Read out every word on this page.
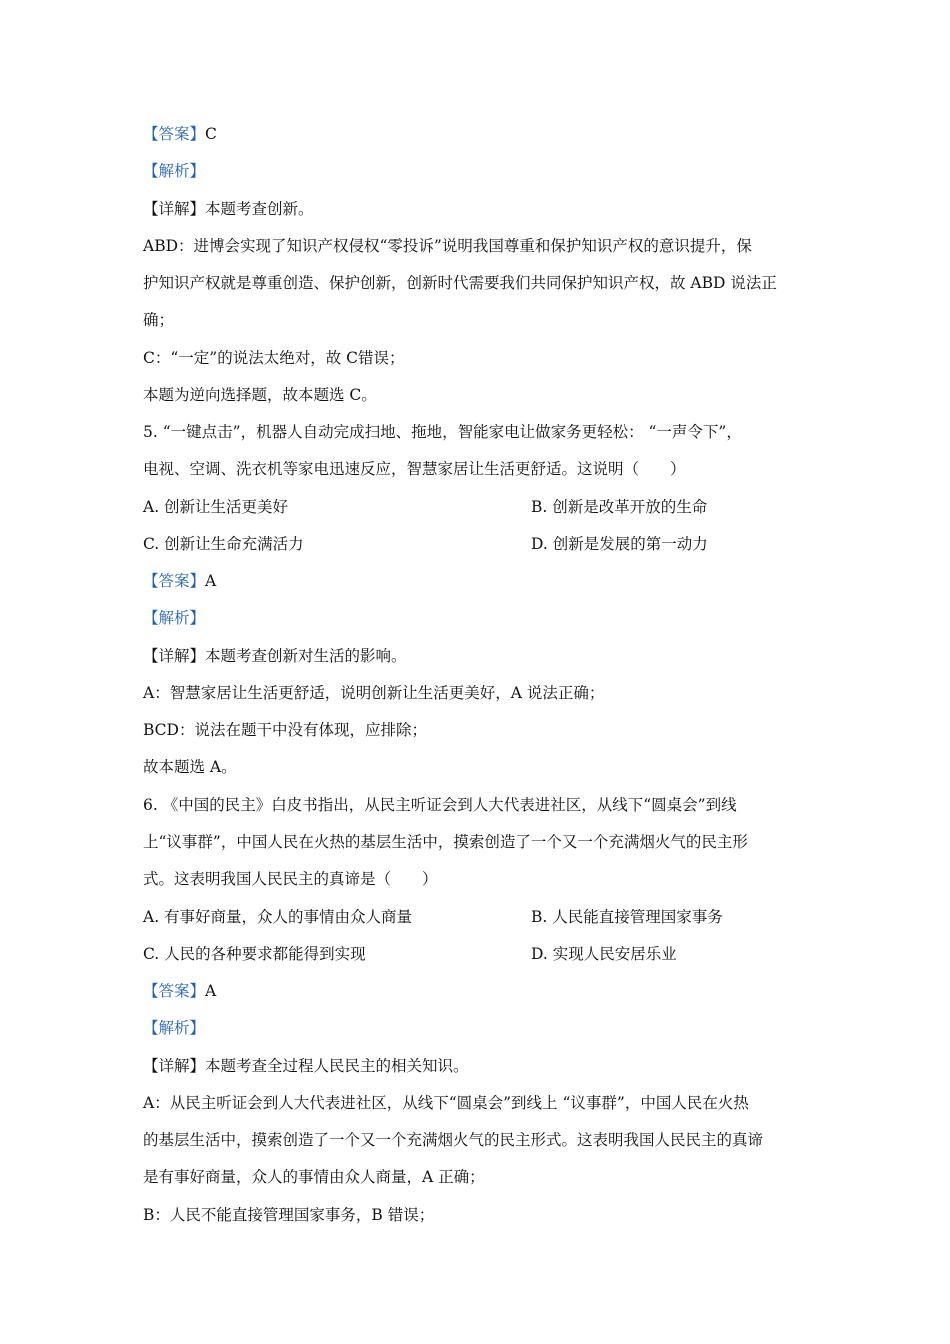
【答案】C
【解析】
【详解】本题考查创新。
ABD：进博会实现了知识产权侵权“零投诉”说明我国尊重和保护知识产权的意识提升，保
护知识产权就是尊重创造、保护创新，创新时代需要我们共同保护知识产权，故 ABD 说法正
确；
C：“一定”的说法太绝对，故 C错误；
本题为逆向选择题，故本题选 C。
5. “一键点击”，机器人自动完成扫地、拖地，智能家电让做家务更轻松： “一声令下”，
电视、空调、洗衣机等家电迅速反应，智慧家居让生活更舒适。这说明（　　）
A. 创新让生活更美好	B. 创新是改革开放的生命
C. 创新让生命充满活力	D. 创新是发展的第一动力
【答案】A
【解析】
【详解】本题考查创新对生活的影响。
A：智慧家居让生活更舒适，说明创新让生活更美好，A 说法正确；
BCD：说法在题干中没有体现，应排除；
故本题选 A。
6. 《中国的民主》白皮书指出，从民主听证会到人大代表进社区，从线下“圆桌会”到线
上“议事群”，中国人民在火热的基层生活中，摸索创造了一个又一个充满烟火气的民主形
式。这表明我国人民民主的真谛是（　　）
A. 有事好商量，众人的事情由众人商量	B. 人民能直接管理国家事务
C. 人民的各种要求都能得到实现	D. 实现人民安居乐业
【答案】A
【解析】
【详解】本题考查全过程人民民主的相关知识。
A：从民主听证会到人大代表进社区，从线下“圆桌会”到线上 “议事群”，中国人民在火热
的基层生活中，摸索创造了一个又一个充满烟火气的民主形式。这表明我国人民民主的真谛
是有事好商量，众人的事情由众人商量，A 正确；
B：人民不能直接管理国家事务，B 错误；
